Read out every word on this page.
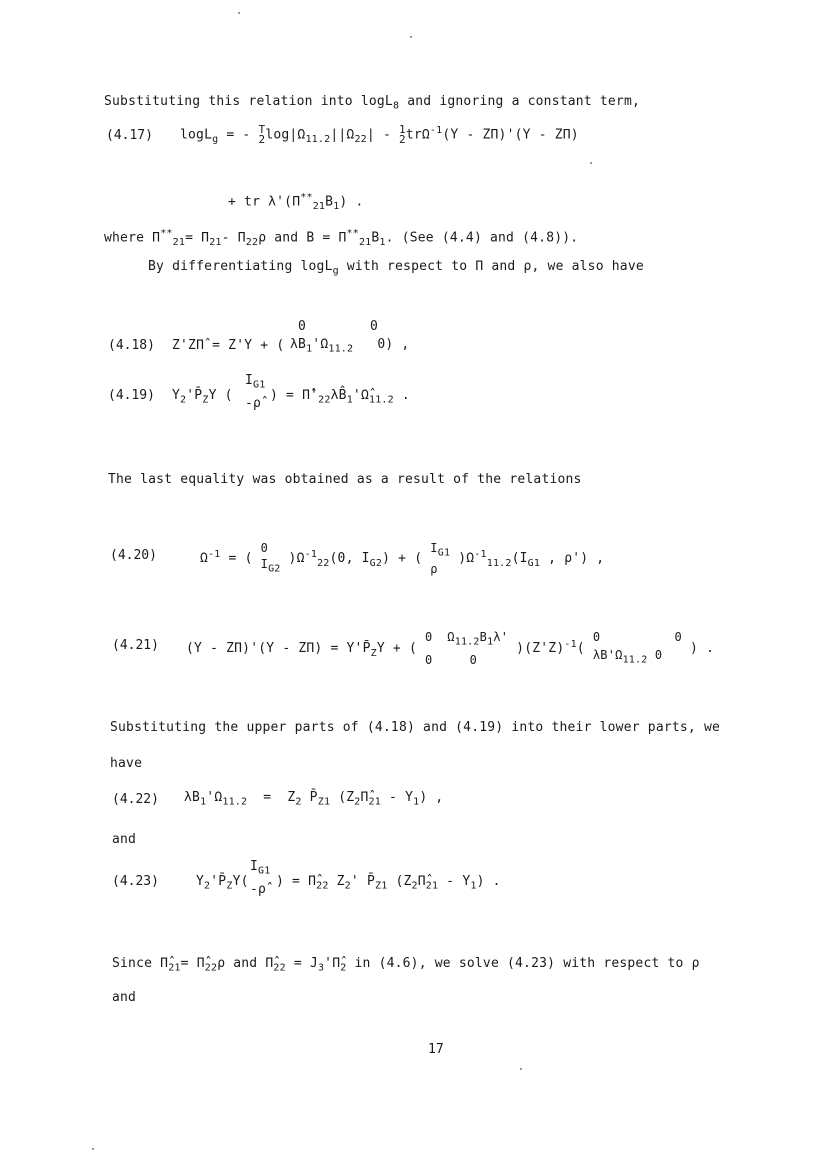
Substituting this relation into logL$_8$ and ignoring a constant term,
(4.17) logL$_g$ = - T
$2\log|\Omega_{11.2}||\Omega_{22}| - 1$
2trΩ$^{-1}$(Y - ZΠ)'(Y - ZΠ)
+ tr $\lambda'(\Pi^{**}_{21}B_1)$ .
where $\Pi^{**}_{21}= \Pi_{21}-$ $\Pi_{22}\rho$ and $B = \Pi^{**}_{21}B_1$. (See (4.4) and (4.8)).
By differentiating logL$_g$ with respect to Π and ρ, we also have
(4.18) Z'ZΠ̂ = Z'Y + (
0	0
$\lambda B_1'\Omega_{11.2}$   0) ,
(4.19) $Y_2'P̄_ZY$ (
$I_{G1}$
-ρ̂
) = $\Pî'_{22}\lambda B̂_1'\Omegâ_{11.2}$ .
The last equality was obtained as a result of the relations
(4.20)	$\Omega^{-1}$ = ( 0
$I_{G2}$ )$\Omega^{-1}_{22}(0$, $I_{G2}$) + ( $I_{G1}$
ρ )$\Omega^{-1}_{11.2}(I_{G1}$ , ρ') ,
(4.21) $(Y - Z\Pi)'(Y - Z\Pi) = Y'P̄_ZY$ + ( 0  $\Omega_{11.2}B_1\lambda'$
0     0 )$(Z'Z)^{-1}$( 0          0
$\lambda B'\Omega_{11.2}$ 0 ) .
Substituting the upper parts of (4.18) and (4.19) into their lower parts, we
have
(4.22) $\lambda B_1'\Omega_{11.2} = Z_2$ $P̄_{Z1}$ $(Z_2\Pî_{21} - Y_1)$ ,
and
(4.23)	$Y_2'P̄_ZY$(
$I_{G1}$
-ρ̂
) = $\Pî_{22}$ $Z_2'$ $P̄_{Z1}$ $(Z_2\Pî_{21} - Y_1)$ .
Since $\Pî_{21}=$ $\Pî_{22}\rho$ and $\Pî_{22}$ = $J_3'\Pî_2$ in (4.6), we solve (4.23) with respect to ρ
and
17
